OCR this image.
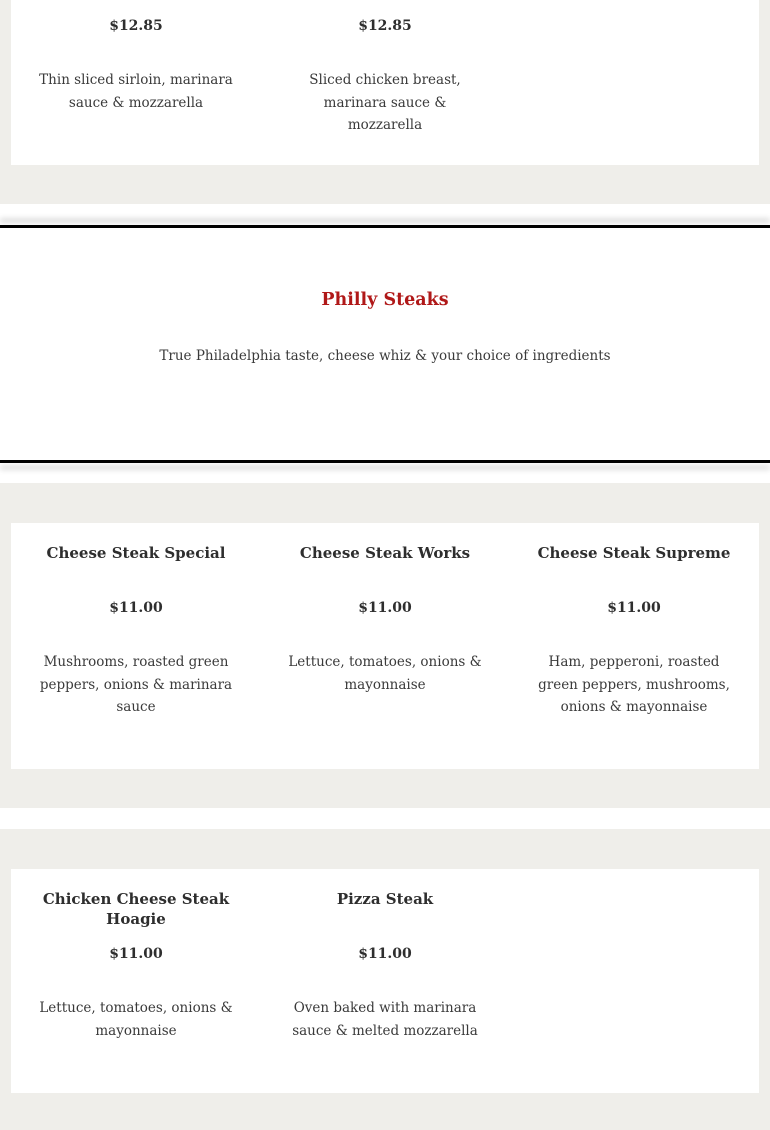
$12.85
Thin sliced sirloin, marinara sauce & mozzarella
$12.85
Sliced chicken breast, marinara sauce & mozzarella
Philly Steaks
True Philadelphia taste, cheese whiz & your choice of ingredients
Cheese Steak Special
$11.00
Mushrooms, roasted green peppers, onions & marinara sauce
Cheese Steak Works
$11.00
Lettuce, tomatoes, onions & mayonnaise
Cheese Steak Supreme
$11.00
Ham, pepperoni, roasted green peppers, mushrooms, onions & mayonnaise
Chicken Cheese Steak Hoagie
$11.00
Lettuce, tomatoes, onions & mayonnaise
Pizza Steak
$11.00
Oven baked with marinara sauce & melted mozzarella
